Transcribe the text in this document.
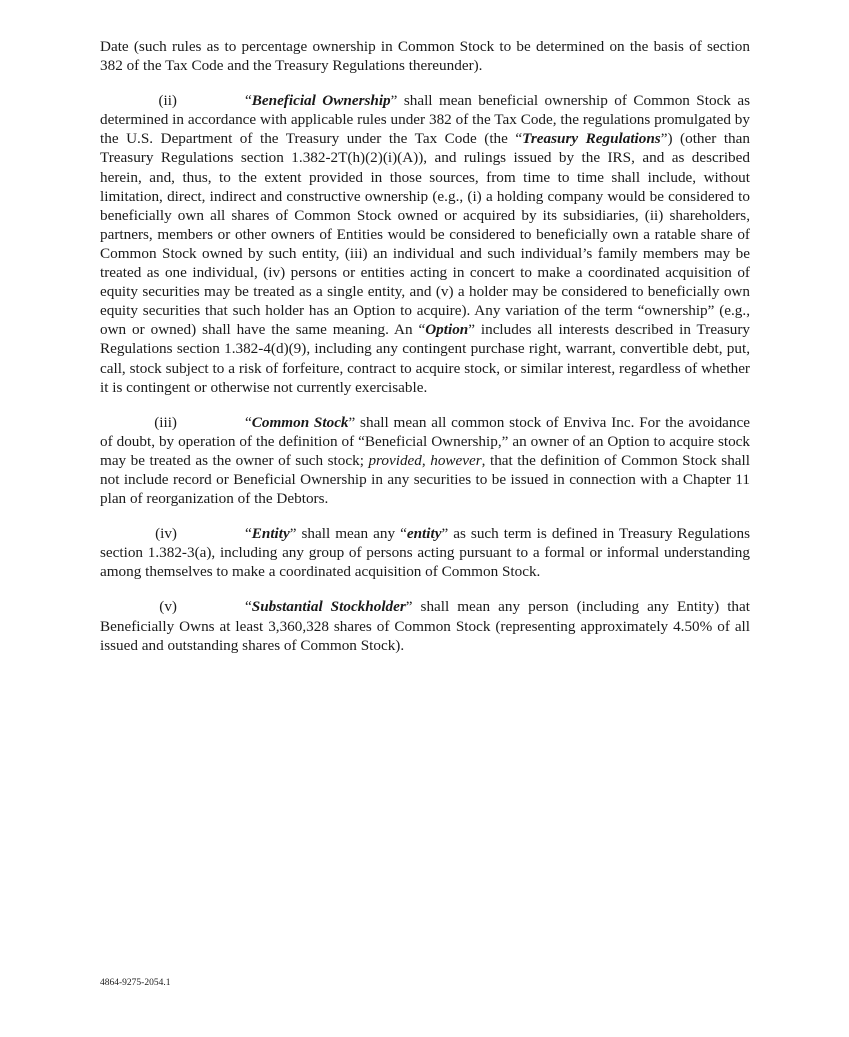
Date (such rules as to percentage ownership in Common Stock to be determined on the basis of section 382 of the Tax Code and the Treasury Regulations thereunder).

(ii)	“Beneficial Ownership” shall mean beneficial ownership of Common Stock as determined in accordance with applicable rules under 382 of the Tax Code, the regulations promulgated by the U.S. Department of the Treasury under the Tax Code (the “Treasury Regulations”) (other than Treasury Regulations section 1.382-2T(h)(2)(i)(A)), and rulings issued by the IRS, and as described herein, and, thus, to the extent provided in those sources, from time to time shall include, without limitation, direct, indirect and constructive ownership (e.g., (i) a holding company would be considered to beneficially own all shares of Common Stock owned or acquired by its subsidiaries, (ii) shareholders, partners, members or other owners of Entities would be considered to beneficially own a ratable share of Common Stock owned by such entity, (iii) an individual and such individual’s family members may be treated as one individual, (iv) persons or entities acting in concert to make a coordinated acquisition of equity securities may be treated as a single entity, and (v) a holder may be considered to beneficially own equity securities that such holder has an Option to acquire). Any variation of the term “ownership” (e.g., own or owned) shall have the same meaning. An “Option” includes all interests described in Treasury Regulations section 1.382-4(d)(9), including any contingent purchase right, warrant, convertible debt, put, call, stock subject to a risk of forfeiture, contract to acquire stock, or similar interest, regardless of whether it is contingent or otherwise not currently exercisable.

(iii)	“Common Stock” shall mean all common stock of Enviva Inc. For the avoidance of doubt, by operation of the definition of “Beneficial Ownership,” an owner of an Option to acquire stock may be treated as the owner of such stock; provided, however, that the definition of Common Stock shall not include record or Beneficial Ownership in any securities to be issued in connection with a Chapter 11 plan of reorganization of the Debtors.

(iv)	“Entity” shall mean any “entity” as such term is defined in Treasury Regulations section 1.382-3(a), including any group of persons acting pursuant to a formal or informal understanding among themselves to make a coordinated acquisition of Common Stock.

(v)	“Substantial Stockholder” shall mean any person (including any Entity) that Beneficially Owns at least 3,360,328 shares of Common Stock (representing approximately 4.50% of all issued and outstanding shares of Common Stock).

4864-9275-2054.1
